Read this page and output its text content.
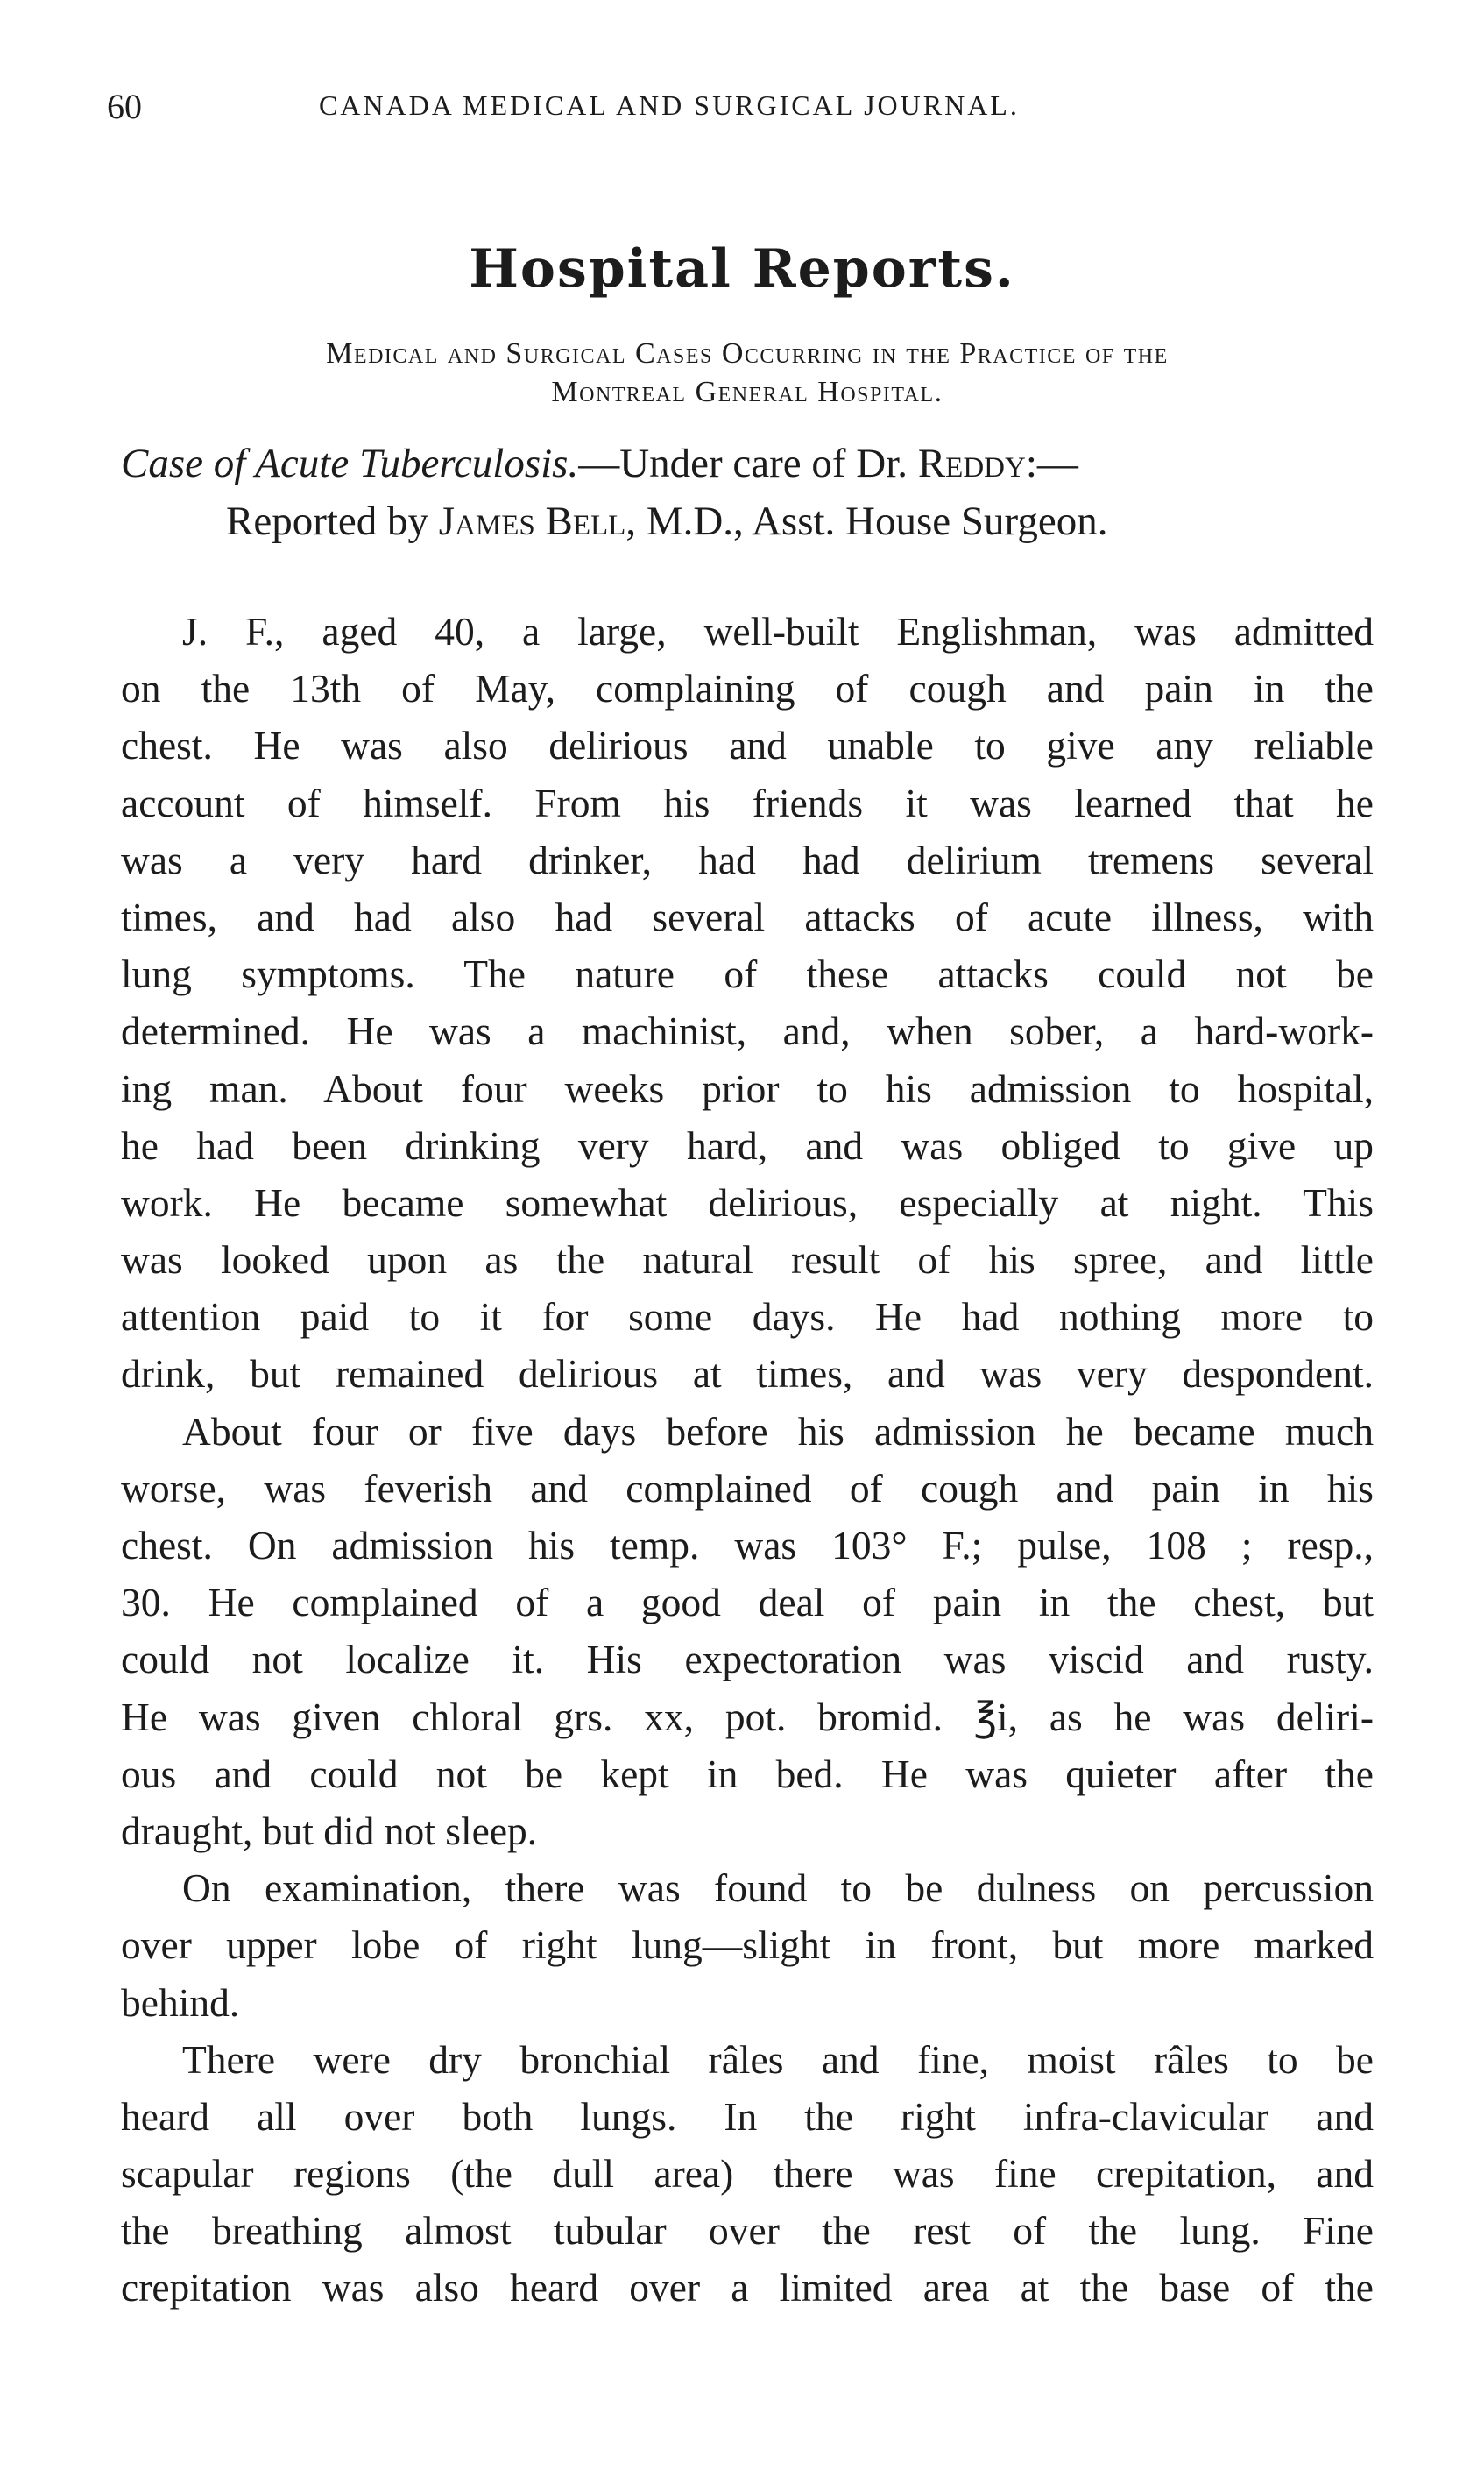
60	CANADA MEDICAL AND SURGICAL JOURNAL.
Hospital Reports.
Medical and Surgical Cases Occurring in the Practice of the
Montreal General Hospital.
Case of Acute Tuberculosis.—Under care of Dr. Reddy:—
Reported by James Bell, M.D., Asst. House Surgeon.
J. F., aged 40, a large, well-built Englishman, was admitted
on the 13th of May, complaining of cough and pain in the
chest. He was also delirious and unable to give any reliable
account of himself. From his friends it was learned that he
was a very hard drinker, had had delirium tremens several
times, and had also had several attacks of acute illness, with
lung symptoms. The nature of these attacks could not be
determined. He was a machinist, and, when sober, a hard-work-
ing man. About four weeks prior to his admission to hospital,
he had been drinking very hard, and was obliged to give up
work. He became somewhat delirious, especially at night. This
was looked upon as the natural result of his spree, and little
attention paid to it for some days. He had nothing more to
drink, but remained delirious at times, and was very despondent.
About four or five days before his admission he became much
worse, was feverish and complained of cough and pain in his
chest. On admission his temp. was 103° F.; pulse, 108 ; resp.,
30. He complained of a good deal of pain in the chest, but
could not localize it. His expectoration was viscid and rusty.
He was given chloral grs. xx, pot. bromid. ℥i, as he was deliri-
ous and could not be kept in bed. He was quieter after the
draught, but did not sleep.
On examination, there was found to be dulness on percussion
over upper lobe of right lung—slight in front, but more marked
behind.
There were dry bronchial râles and fine, moist râles to be
heard all over both lungs. In the right infra-clavicular and
scapular regions (the dull area) there was fine crepitation, and
the breathing almost tubular over the rest of the lung. Fine
crepitation was also heard over a limited area at the base of the
